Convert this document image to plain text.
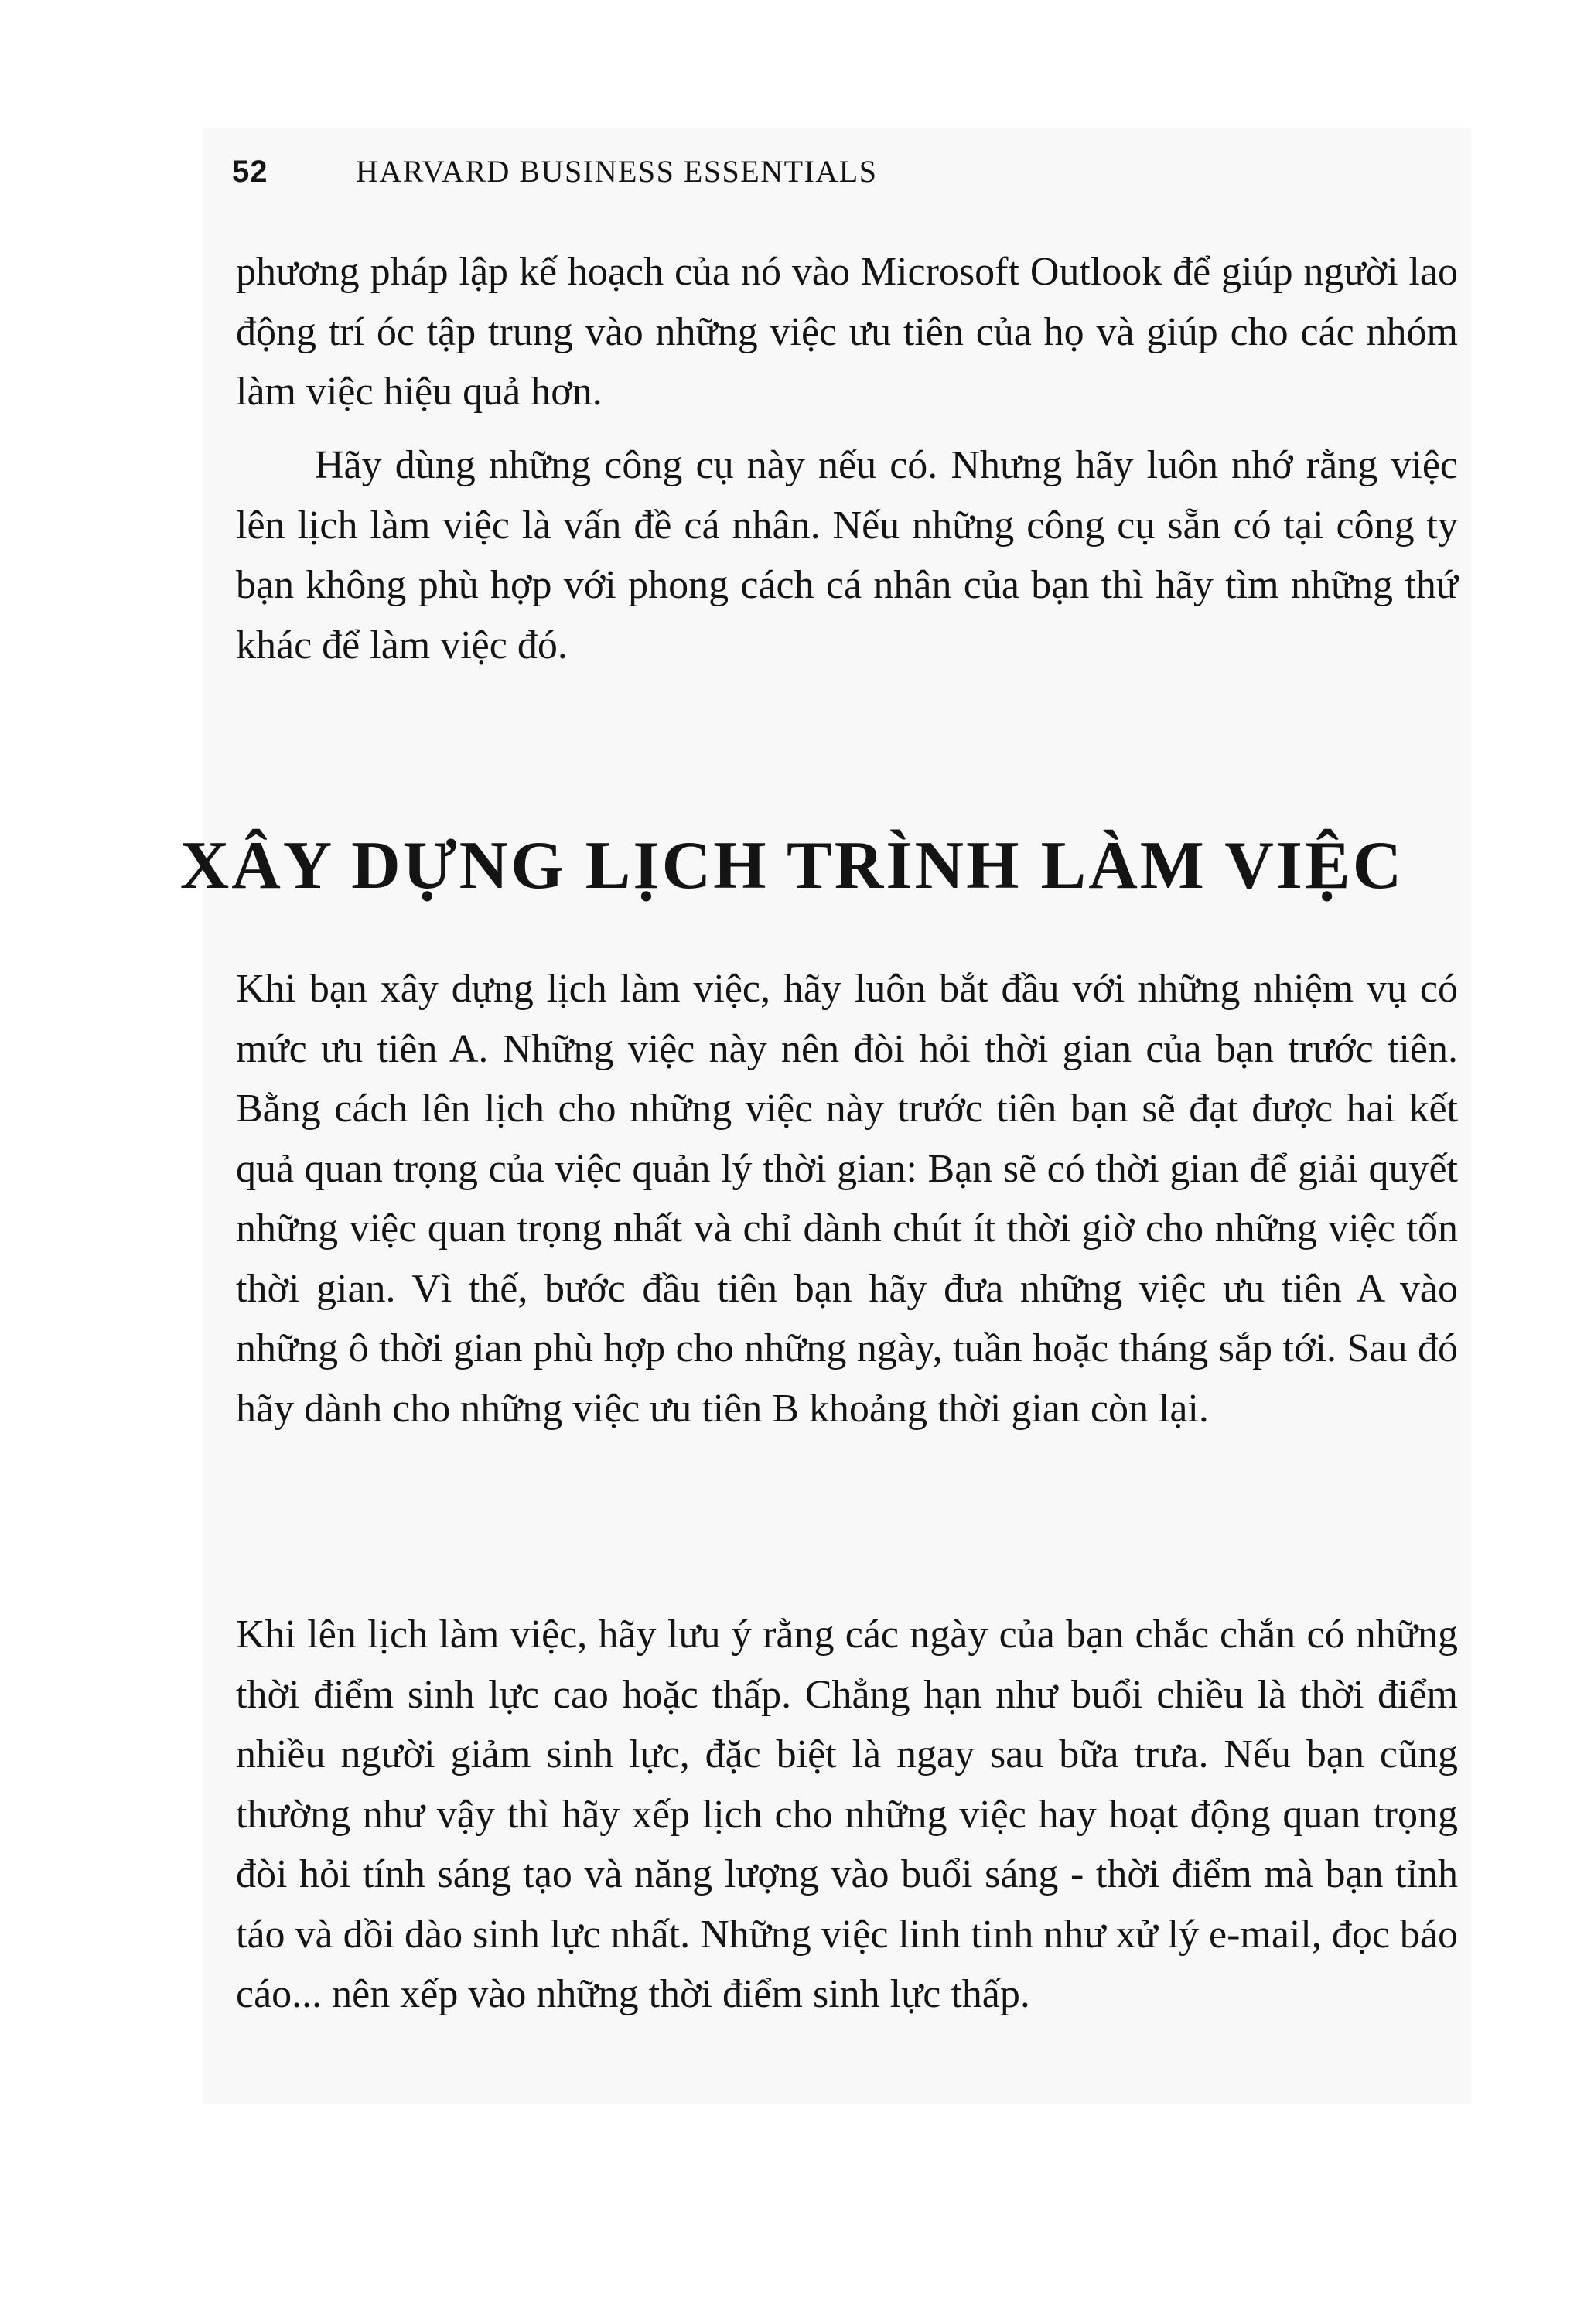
52	HARVARD BUSINESS ESSENTIALS

phương pháp lập kế hoạch của nó vào Microsoft Outlook để giúp người lao động trí óc tập trung vào những việc ưu tiên của họ và giúp cho các nhóm làm việc hiệu quả hơn.

Hãy dùng những công cụ này nếu có. Nhưng hãy luôn nhớ rằng việc lên lịch làm việc là vấn đề cá nhân. Nếu những công cụ sẵn có tại công ty bạn không phù hợp với phong cách cá nhân của bạn thì hãy tìm những thứ khác để làm việc đó.

XÂY DỰNG LỊCH TRÌNH LÀM VIỆC

Khi bạn xây dựng lịch làm việc, hãy luôn bắt đầu với những nhiệm vụ có mức ưu tiên A. Những việc này nên đòi hỏi thời gian của bạn trước tiên. Bằng cách lên lịch cho những việc này trước tiên bạn sẽ đạt được hai kết quả quan trọng của việc quản lý thời gian: Bạn sẽ có thời gian để giải quyết những việc quan trọng nhất và chỉ dành chút ít thời giờ cho những việc tốn thời gian. Vì thế, bước đầu tiên bạn hãy đưa những việc ưu tiên A vào những ô thời gian phù hợp cho những ngày, tuần hoặc tháng sắp tới. Sau đó hãy dành cho những việc ưu tiên B khoảng thời gian còn lại.

Khi lên lịch làm việc, hãy lưu ý rằng các ngày của bạn chắc chắn có những thời điểm sinh lực cao hoặc thấp. Chẳng hạn như buổi chiều là thời điểm nhiều người giảm sinh lực, đặc biệt là ngay sau bữa trưa. Nếu bạn cũng thường như vậy thì hãy xếp lịch cho những việc hay hoạt động quan trọng đòi hỏi tính sáng tạo và năng lượng vào buổi sáng - thời điểm mà bạn tỉnh táo và dồi dào sinh lực nhất. Những việc linh tinh như xử lý e-mail, đọc báo cáo... nên xếp vào những thời điểm sinh lực thấp.
